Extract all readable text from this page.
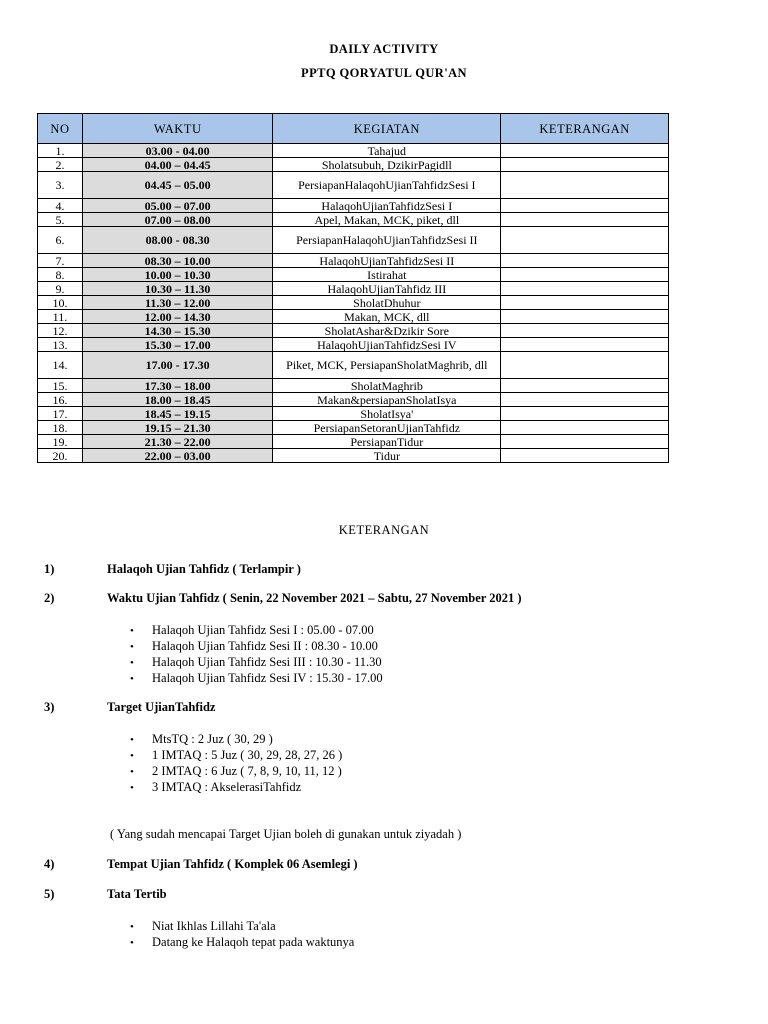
DAILY ACTIVITY
PPTQ QORYATUL QUR'AN
NO	WAKTU	KEGIATAN	KETERANGAN
1.	03.00 - 04.00	Tahajud	
2.	04.00 – 04.45	Sholatsubuh, DzikirPagidll	
3.	04.45 – 05.00	PersiapanHalaqohUjianTahfidzSesi I	
4.	05.00 – 07.00	HalaqohUjianTahfidzSesi I	
5.	07.00 – 08.00	Apel, Makan, MCK, piket, dll	
6.	08.00 - 08.30	PersiapanHalaqohUjianTahfidzSesi II	
7.	08.30 – 10.00	HalaqohUjianTahfidzSesi II	
8.	10.00 – 10.30	Istirahat	
9.	10.30 – 11.30	HalaqohUjianTahfidz III	
10.	11.30 – 12.00	SholatDhuhur	
11.	12.00 – 14.30	Makan, MCK, dll	
12.	14.30 – 15.30	SholatAshar&Dzikir Sore	
13.	15.30 – 17.00	HalaqohUjianTahfidzSesi IV	
14.	17.00 - 17.30	Piket, MCK, PersiapanSholatMaghrib, dll	
15.	17.30 – 18.00	SholatMaghrib	
16.	18.00 – 18.45	Makan&persiapanSholatIsya	
17.	18.45 – 19.15	SholatIsya'	
18.	19.15 – 21.30	PersiapanSetoranUjianTahfidz	
19.	21.30 – 22.00	PersiapanTidur	
20.	22.00 – 03.00	Tidur	
KETERANGAN
1)	Halaqoh Ujian Tahfidz ( Terlampir )
2)	Waktu Ujian Tahfidz ( Senin, 22 November 2021 – Sabtu, 27 November 2021 )
• Halaqoh Ujian Tahfidz Sesi I : 05.00 - 07.00
• Halaqoh Ujian Tahfidz Sesi II : 08.30 - 10.00
• Halaqoh Ujian Tahfidz Sesi III : 10.30 - 11.30
• Halaqoh Ujian Tahfidz Sesi IV : 15.30 - 17.00
3)	Target UjianTahfidz
• MtsTQ : 2 Juz ( 30, 29 )
• 1 IMTAQ : 5 Juz ( 30, 29, 28, 27, 26 )
• 2 IMTAQ : 6 Juz ( 7, 8, 9, 10, 11, 12 )
• 3 IMTAQ : AkselerasiTahfidz
( Yang sudah mencapai Target Ujian boleh di gunakan untuk ziyadah )
4)	Tempat Ujian Tahfidz ( Komplek 06 Asemlegi )
5)	Tata Tertib
• Niat Ikhlas Lillahi Ta'ala
• Datang ke Halaqoh tepat pada waktunya
